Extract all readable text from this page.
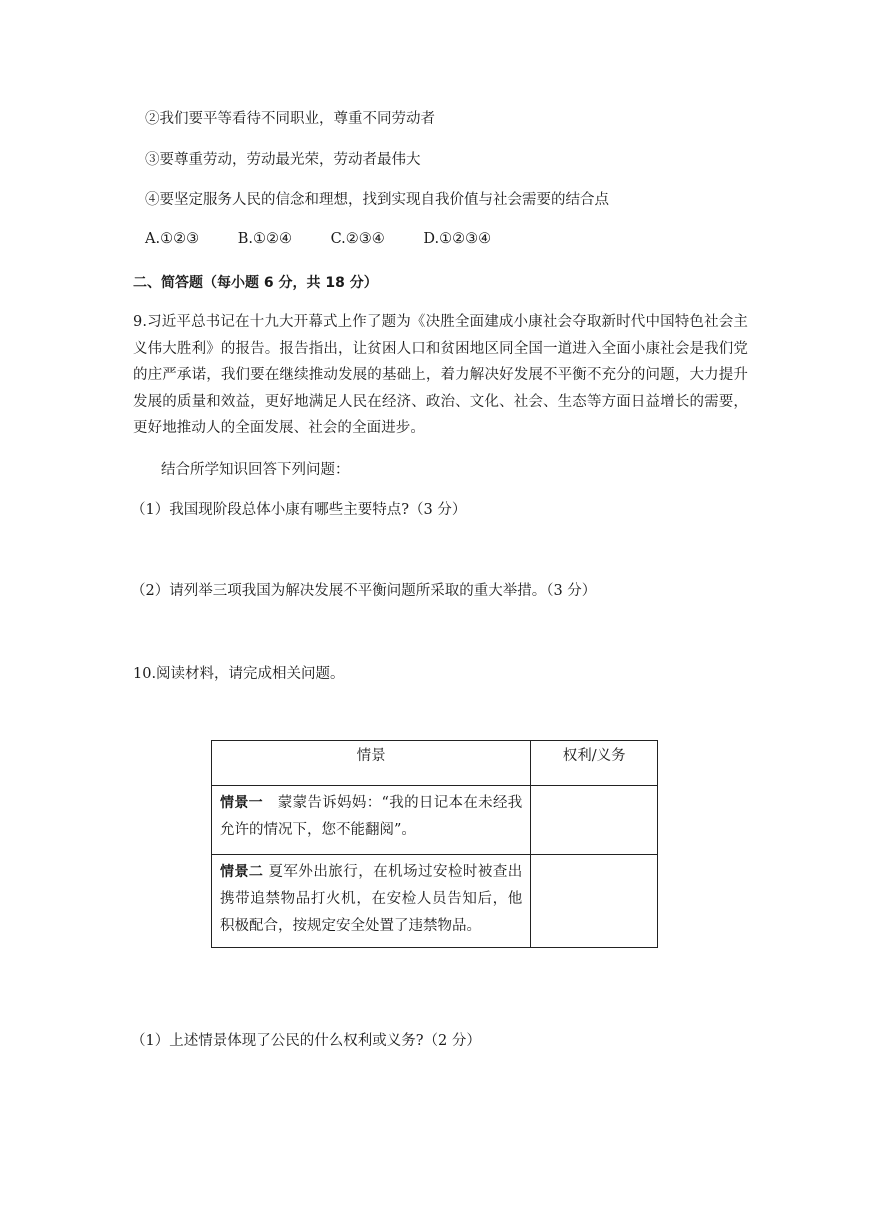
②我们要平等看待不同职业，尊重不同劳动者
③要尊重劳动，劳动最光荣，劳动者最伟大
④要坚定服务人民的信念和理想，找到实现自我价值与社会需要的结合点
A.①②③	B.①②④	C.②③④	D.①②③④
二、简答题（每小题 6 分，共 18 分）
9.习近平总书记在十九大开幕式上作了题为《决胜全面建成小康社会夺取新时代中国特色社会主义伟大胜利》的报告。报告指出，让贫困人口和贫困地区同全国一道进入全面小康社会是我们党的庄严承诺，我们要在继续推动发展的基础上，着力解决好发展不平衡不充分的问题，大力提升发展的质量和效益，更好地满足人民在经济、政治、文化、社会、生态等方面日益增长的需要，更好地推动人的全面发展、社会的全面进步。
结合所学知识回答下列问题：
（1）我国现阶段总体小康有哪些主要特点?（3 分）
（2）请列举三项我国为解决发展不平衡问题所采取的重大举措。（3 分）
10.阅读材料，请完成相关问题。
情景	权利/义务

情景一　蒙蒙告诉妈妈：“我的日记本在未经我允许的情况下，您不能翻阅”。	

情景二 夏军外出旅行，在机场过安检时被查出携带追禁物品打火机，在安检人员告知后，他积极配合，按规定安全处置了违禁物品。	

（1）上述情景体现了公民的什么权利或义务?（2 分）
